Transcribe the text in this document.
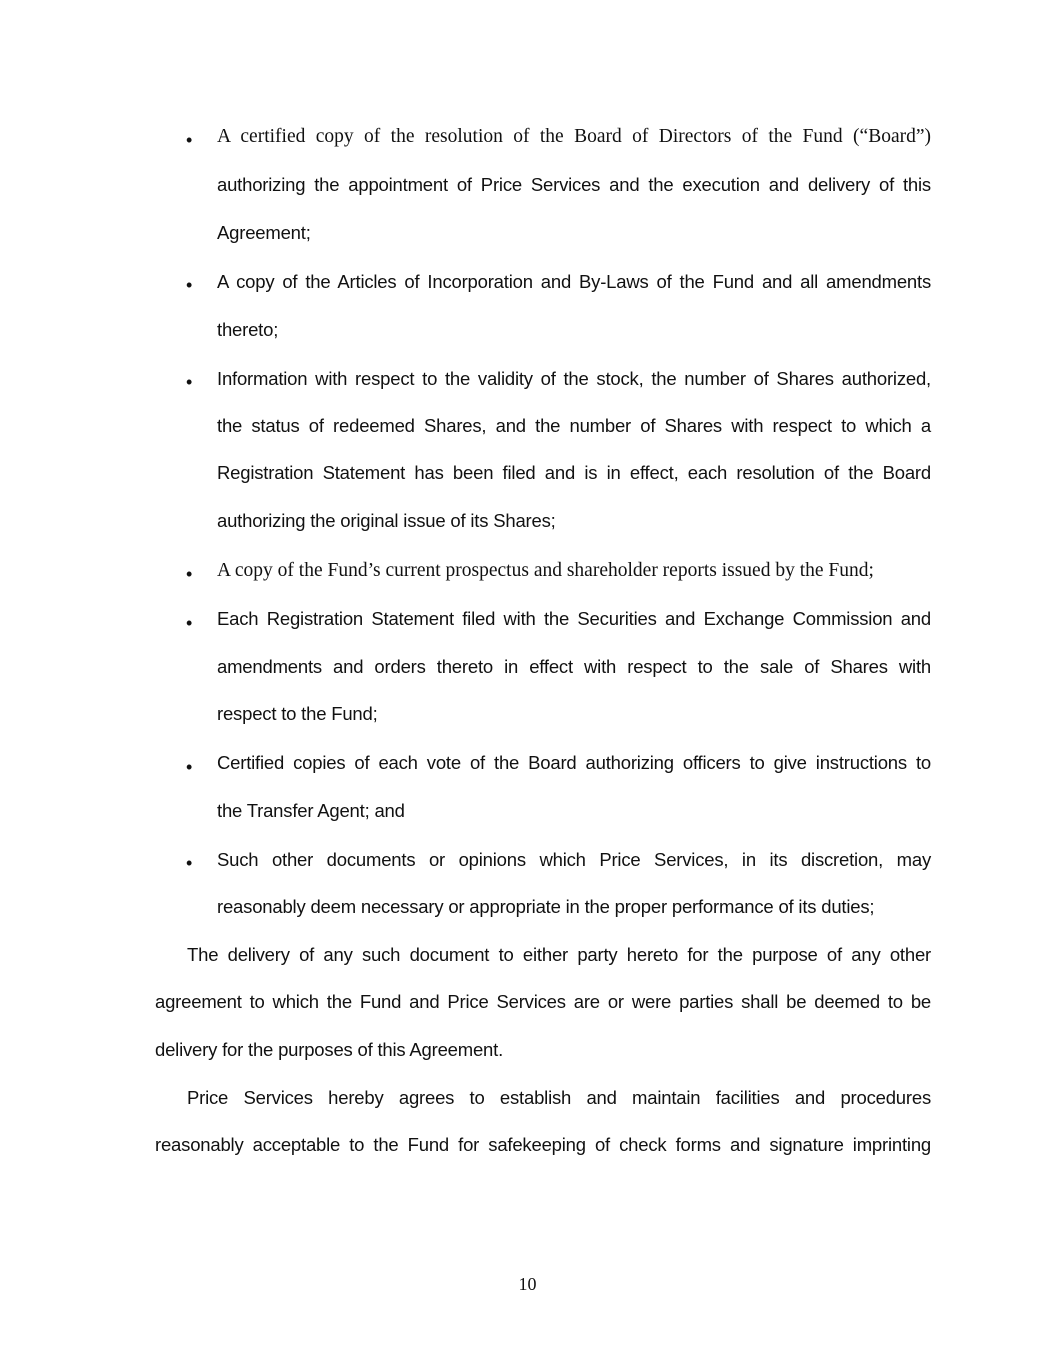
• A certified copy of the resolution of the Board of Directors of the Fund (“Board”)
authorizing the appointment of Price Services and the execution and delivery of this
Agreement;
• A copy of the Articles of Incorporation and By-Laws of the Fund and all amendments
thereto;
• Information with respect to the validity of the stock, the number of Shares authorized,
the status of redeemed Shares, and the number of Shares with respect to which a
Registration Statement has been filed and is in effect, each resolution of the Board
authorizing the original issue of its Shares;
• A copy of the Fund’s current prospectus and shareholder reports issued by the Fund;
• Each Registration Statement filed with the Securities and Exchange Commission and
amendments and orders thereto in effect with respect to the sale of Shares with
respect to the Fund;
• Certified copies of each vote of the Board authorizing officers to give instructions to
the Transfer Agent; and
• Such other documents or opinions which Price Services, in its discretion, may
reasonably deem necessary or appropriate in the proper performance of its duties;
The delivery of any such document to either party hereto for the purpose of any other
agreement to which the Fund and Price Services are or were parties shall be deemed to be
delivery for the purposes of this Agreement.
Price Services hereby agrees to establish and maintain facilities and procedures
reasonably acceptable to the Fund for safekeeping of check forms and signature imprinting
10
